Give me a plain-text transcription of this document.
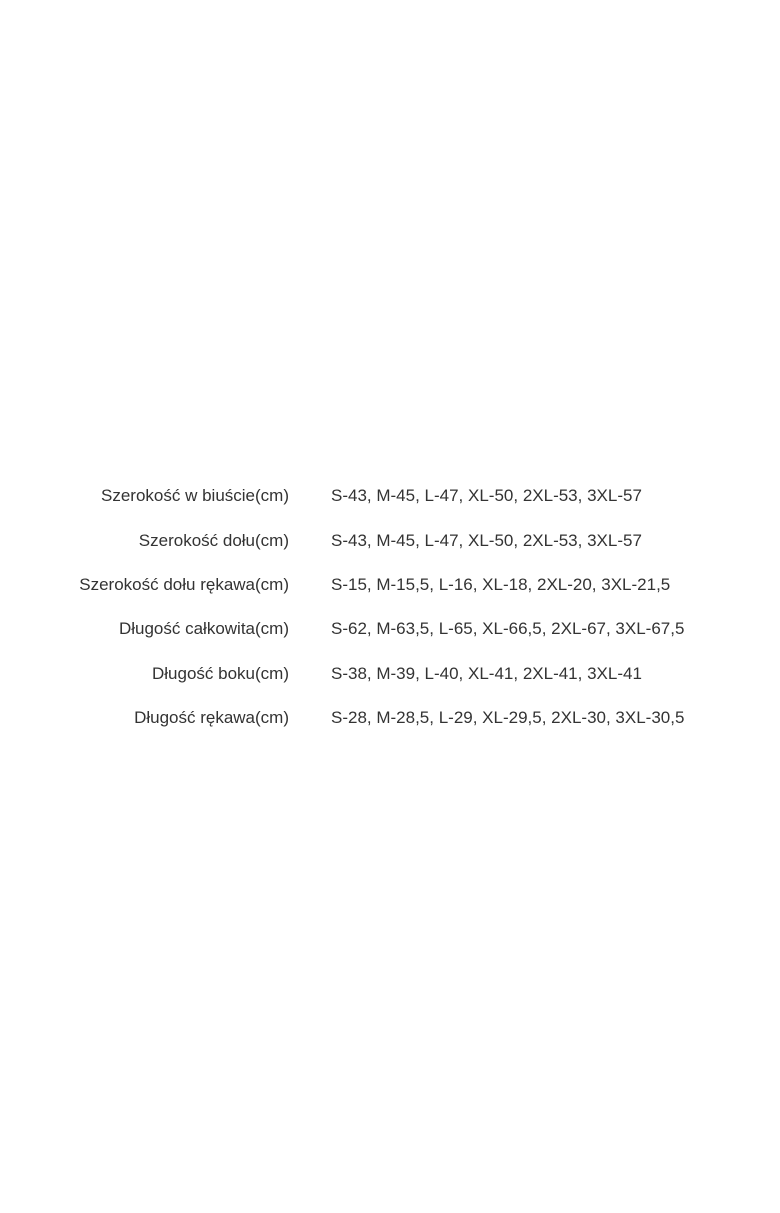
Szerokość w biuście(cm) S-43, M-45, L-47, XL-50, 2XL-53, 3XL-57
Szerokość dołu(cm) S-43, M-45, L-47, XL-50, 2XL-53, 3XL-57
Szerokość dołu rękawa(cm) S-15, M-15,5, L-16, XL-18, 2XL-20, 3XL-21,5
Długość całkowita(cm) S-62, M-63,5, L-65, XL-66,5, 2XL-67, 3XL-67,5
Długość boku(cm) S-38, M-39, L-40, XL-41, 2XL-41, 3XL-41
Długość rękawa(cm) S-28, M-28,5, L-29, XL-29,5, 2XL-30, 3XL-30,5
